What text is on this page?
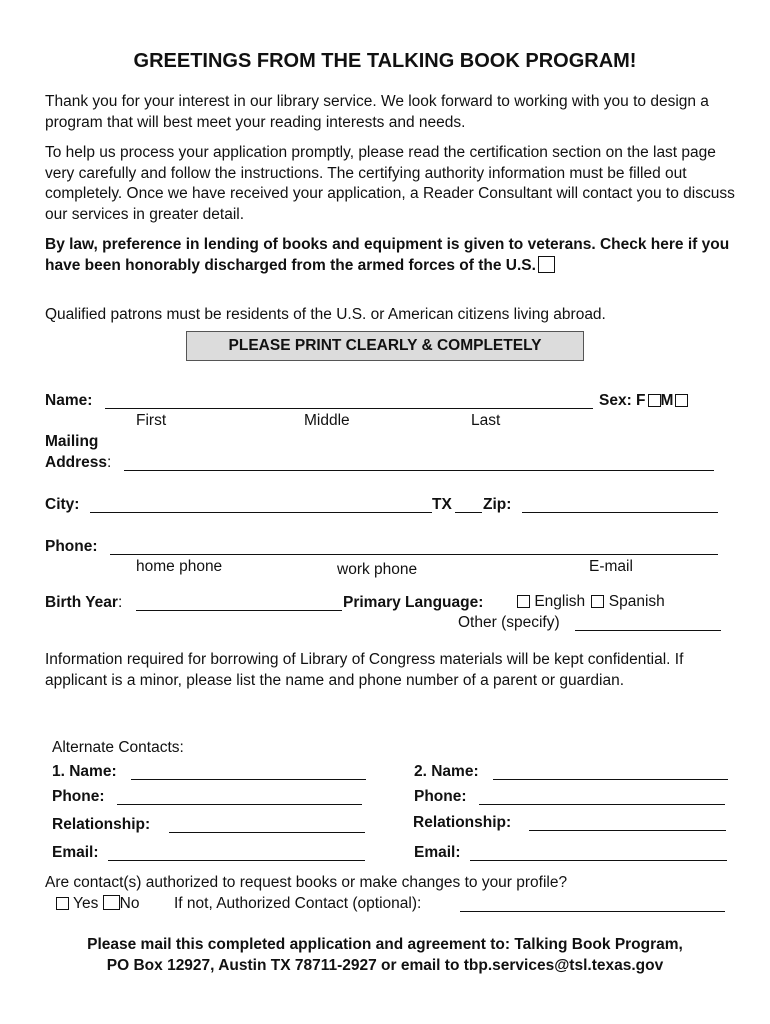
GREETINGS FROM THE TALKING BOOK PROGRAM!
Thank you for your interest in our library service. We look forward to working with you to design a program that will best meet your reading interests and needs.
To help us process your application promptly, please read the certification section on the last page very carefully and follow the instructions. The certifying authority information must be filled out completely. Once we have received your application, a Reader Consultant will contact you to discuss our services in greater detail.
By law, preference in lending of books and equipment is given to veterans. Check here if you have been honorably discharged from the armed forces of the U.S.
Qualified patrons must be residents of the U.S. or American citizens living abroad.
PLEASE PRINT CLEARLY & COMPLETELY
Name:	Sex: F M
First	Middle	Last
Mailing
Address:
City:	TX Zip:
Phone:
home phone	work phone	E-mail
Birth Year:	Primary Language:	English Spanish
Other (specify)
Information required for borrowing of Library of Congress materials will be kept confidential. If applicant is a minor, please list the name and phone number of a parent or guardian.
Alternate Contacts:
1. Name:	2. Name:
Phone:	Phone:
Relationship:	Relationship:
Email:	Email:
Are contact(s) authorized to request books or make changes to your profile?
Yes No If not, Authorized Contact (optional):
Please mail this completed application and agreement to: Talking Book Program,
PO Box 12927, Austin TX 78711-2927 or email to tbp.services@tsl.texas.gov
